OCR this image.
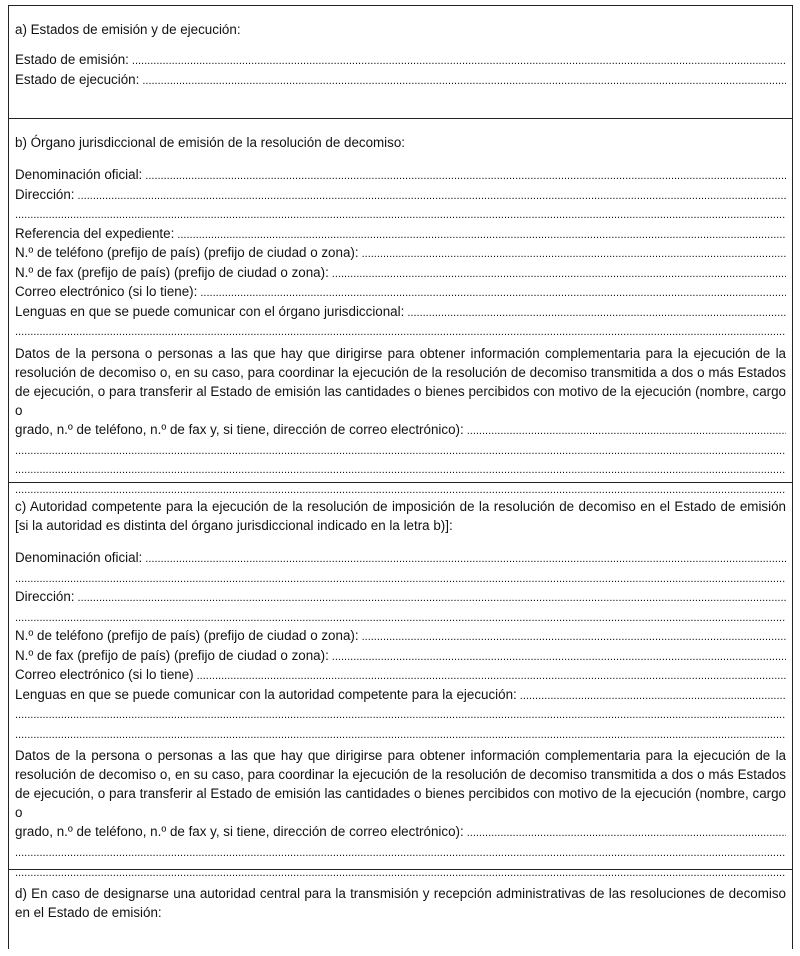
a) Estados de emisión y de ejecución:
Estado de emisión:
.....
Estado de ejecución:
.....
b) Órgano jurisdiccional de emisión de la resolución de decomiso:
Denominación oficial:
.....
Dirección:
.....
.....
Referencia del expediente:
.....
N.º de teléfono (prefijo de país) (prefijo de ciudad o zona):
.....
N.º de fax (prefijo de país) (prefijo de ciudad o zona):
.....
Correo electrónico (si lo tiene):
.....
Lenguas en que se puede comunicar con el órgano jurisdiccional:
.....
.....
Datos de la persona o personas a las que hay que dirigirse para obtener información complementaria para la ejecución de la resolución de decomiso o, en su caso, para coordinar la ejecución de la resolución de decomiso transmitida a dos o más Estados de ejecución, o para transferir al Estado de emisión las cantidades o bienes percibidos con motivo de la ejecución (nombre, cargo o
grado, n.º de teléfono, n.º de fax y, si tiene, dirección de correo electrónico):
.....
.....
.....
.....
c) Autoridad competente para la ejecución de la resolución de imposición de la resolución de decomiso en el Estado de emisión [si la autoridad es distinta del órgano jurisdiccional indicado en la letra b)]:
Denominación oficial:
.....
.....
Dirección:
.....
.....
N.º de teléfono (prefijo de país) (prefijo de ciudad o zona):
.....
N.º de fax (prefijo de país) (prefijo de ciudad o zona):
.....
Correo electrónico (si lo tiene)
.....
Lenguas en que se puede comunicar con la autoridad competente para la ejecución:
.....
.....
.....
Datos de la persona o personas a las que hay que dirigirse para obtener información complementaria para la ejecución de la resolución de decomiso o, en su caso, para coordinar la ejecución de la resolución de decomiso transmitida a dos o más Estados de ejecución, o para transferir al Estado de emisión las cantidades o bienes percibidos con motivo de la ejecución (nombre, cargo o
grado, n.º de teléfono, n.º de fax y, si tiene, dirección de correo electrónico):
.....
.....
.....
d) En caso de designarse una autoridad central para la transmisión y recepción administrativas de las resoluciones de decomiso en el Estado de emisión:
